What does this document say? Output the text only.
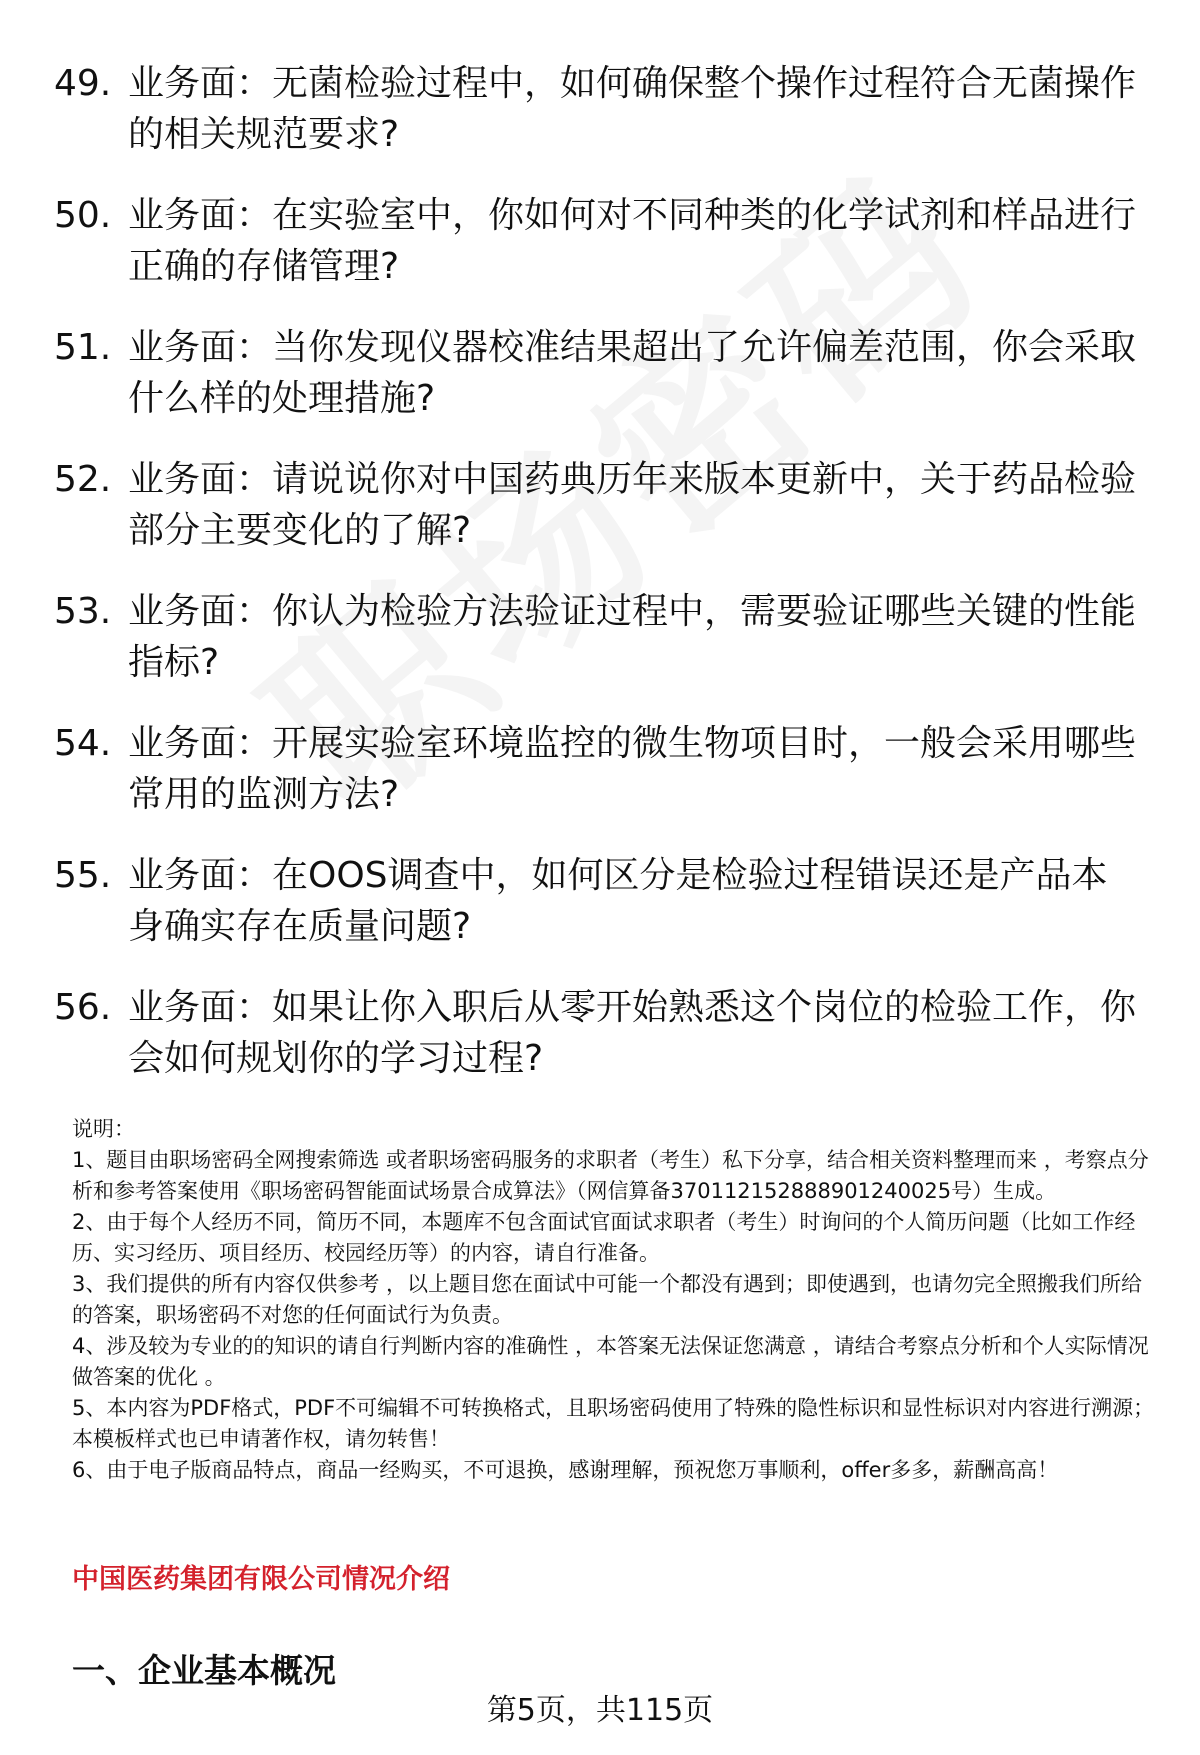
49. 业务面：无菌检验过程中，如何确保整个操作过程符合无菌操作的相关规范要求?
50. 业务面：在实验室中，你如何对不同种类的化学试剂和样品进行正确的存储管理?
51. 业务面：当你发现仪器校准结果超出了允许偏差范围，你会采取什么样的处理措施?
52. 业务面：请说说你对中国药典历年来版本更新中，关于药品检验部分主要变化的了解?
53. 业务面：你认为检验方法验证过程中，需要验证哪些关键的性能指标?
54. 业务面：开展实验室环境监控的微生物项目时，一般会采用哪些常用的监测方法?
55. 业务面：在OOS调查中，如何区分是检验过程错误还是产品本身确实存在质量问题?
56. 业务面：如果让你入职后从零开始熟悉这个岗位的检验工作，你会如何规划你的学习过程?
说明：
1、题目由职场密码全网搜索筛选 或者职场密码服务的求职者（考生）私下分享，结合相关资料整理而来 ，考察点分析和参考答案使用《职场密码智能面试场景合成算法》（网信算备370112152888901240025号）生成。
2、由于每个人经历不同，简历不同，本题库不包含面试官面试求职者（考生）时询问的个人简历问题（比如工作经历、实习经历、项目经历、校园经历等）的内容，请自行准备。
3、我们提供的所有内容仅供参考 ，以上题目您在面试中可能一个都没有遇到；即使遇到，也请勿完全照搬我们所给的答案，职场密码不对您的任何面试行为负责。
4、涉及较为专业的的知识的请自行判断内容的准确性 ，本答案无法保证您满意 ，请结合考察点分析和个人实际情况做答案的优化 。
5、本内容为PDF格式，PDF不可编辑不可转换格式，且职场密码使用了特殊的隐性标识和显性标识对内容进行溯源；本模板样式也已申请著作权，请勿转售！
6、由于电子版商品特点，商品一经购买，不可退换，感谢理解，预祝您万事顺利，offer多多，薪酬高高！
中国医药集团有限公司情况介绍
一、企业基本概况
第5页，共115页
